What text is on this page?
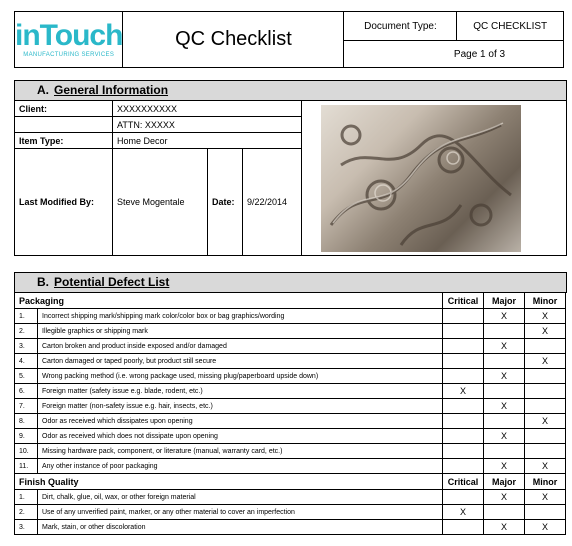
inTouch
MANUFACTURING SERVICES	QC Checklist	Document Type:	QC CHECKLIST
			Page 1 of 3
A. General Information
Client:	XXXXXXXXXX	

	ATTN: XXXXX			
Item Type:	Home Decor			
Last Modified By:	Steve Mogentale	Date:	9/22/2014	
B. Potential Defect List
Packaging		Critical	Major	Minor
1.	Incorrect shipping mark/shipping mark color/color box or bag graphics/wording		X	X
2.	Illegible graphics or shipping mark			X
3.	Carton broken and product inside exposed and/or damaged		X	
4.	Carton damaged or taped poorly, but product still secure			X
5.	Wrong packing method (i.e. wrong package used, missing plug/paperboard upside down)		X	
6.	Foreign matter (safety issue e.g. blade, rodent, etc.)	X		
7.	Foreign matter (non-safety issue e.g. hair, insects, etc.)		X	
8.	Odor as received which dissipates upon opening			X
9.	Odor as received which does not dissipate upon opening		X	
10.	Missing hardware pack, component, or literature (manual, warranty card, etc.)			
11.	Any other instance of poor packaging		X	X
Finish Quality		Critical	Major	Minor
1.	Dirt, chalk, glue, oil, wax, or other foreign material		X	X
2.	Use of any unverified paint, marker, or any other material to cover an imperfection	X		
3.	Mark, stain, or other discoloration		X	X
